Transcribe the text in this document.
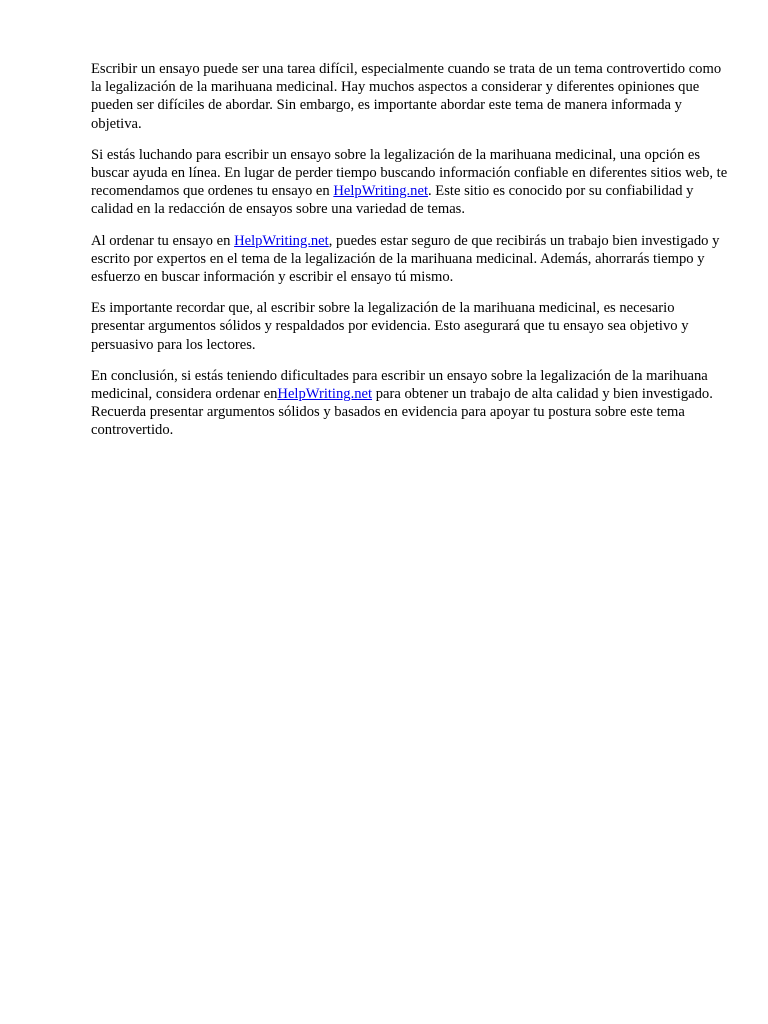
Escribir un ensayo puede ser una tarea difícil, especialmente cuando se trata de un tema controvertido como la legalización de la marihuana medicinal. Hay muchos aspectos a considerar y diferentes opiniones que pueden ser difíciles de abordar. Sin embargo, es importante abordar este tema de manera informada y objetiva.

Si estás luchando para escribir un ensayo sobre la legalización de la marihuana medicinal, una opción es buscar ayuda en línea. En lugar de perder tiempo buscando información confiable en diferentes sitios web, te recomendamos que ordenes tu ensayo en HelpWriting.net. Este sitio es conocido por su confiabilidad y calidad en la redacción de ensayos sobre una variedad de temas.

Al ordenar tu ensayo en HelpWriting.net, puedes estar seguro de que recibirás un trabajo bien investigado y escrito por expertos en el tema de la legalización de la marihuana medicinal. Además, ahorrarás tiempo y esfuerzo en buscar información y escribir el ensayo tú mismo.

Es importante recordar que, al escribir sobre la legalización de la marihuana medicinal, es necesario presentar argumentos sólidos y respaldados por evidencia. Esto asegurará que tu ensayo sea objetivo y persuasivo para los lectores.

En conclusión, si estás teniendo dificultades para escribir un ensayo sobre la legalización de la marihuana medicinal, considera ordenar enHelpWriting.net para obtener un trabajo de alta calidad y bien investigado. Recuerda presentar argumentos sólidos y basados en evidencia para apoyar tu postura sobre este tema controvertido.
